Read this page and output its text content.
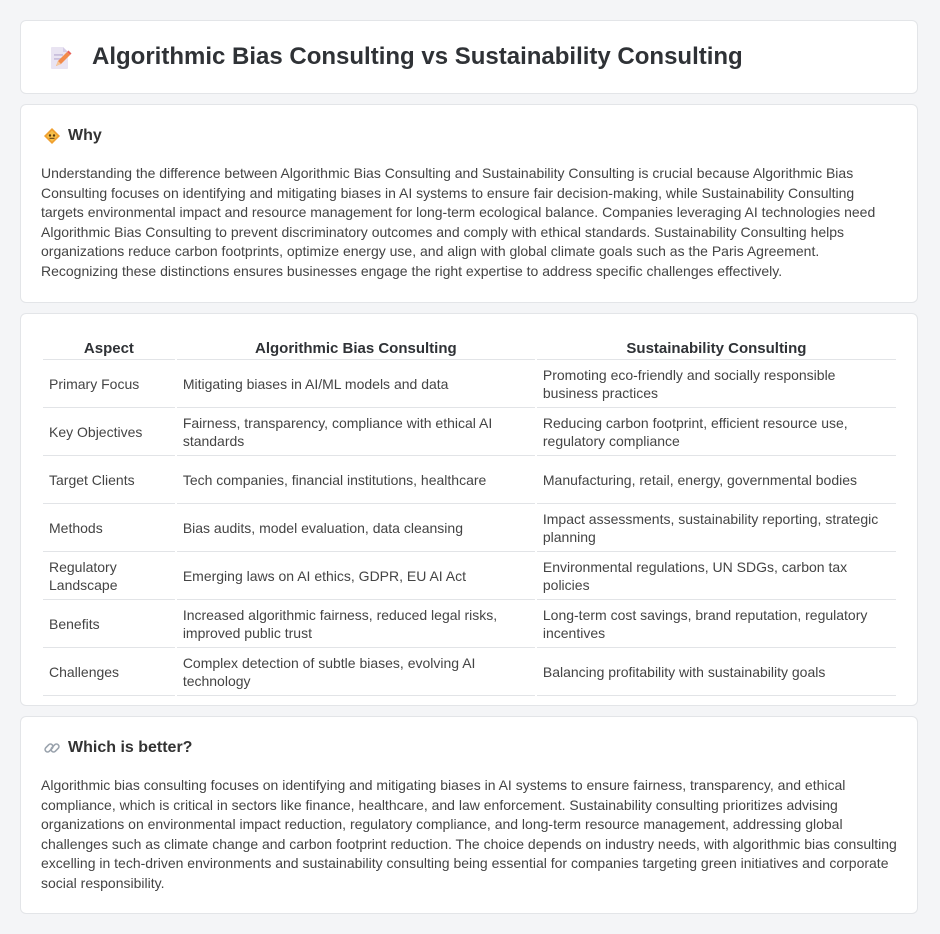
Algorithmic Bias Consulting vs Sustainability Consulting
Why

Understanding the difference between Algorithmic Bias Consulting and Sustainability Consulting is crucial because Algorithmic Bias Consulting focuses on identifying and mitigating biases in AI systems to ensure fair decision-making, while Sustainability Consulting targets environmental impact and resource management for long-term ecological balance. Companies leveraging AI technologies need Algorithmic Bias Consulting to prevent discriminatory outcomes and comply with ethical standards. Sustainability Consulting helps organizations reduce carbon footprints, optimize energy use, and align with global climate goals such as the Paris Agreement. Recognizing these distinctions ensures businesses engage the right expertise to address specific challenges effectively.

Aspect	Algorithmic Bias Consulting	Sustainability Consulting
Primary Focus	Mitigating biases in AI/ML models and data	Promoting eco-friendly and socially responsible business practices
Key Objectives	Fairness, transparency, compliance with ethical AI standards	Reducing carbon footprint, efficient resource use, regulatory compliance
Target Clients	Tech companies, financial institutions, healthcare	Manufacturing, retail, energy, governmental bodies
Methods	Bias audits, model evaluation, data cleansing	Impact assessments, sustainability reporting, strategic planning
Regulatory Landscape	Emerging laws on AI ethics, GDPR, EU AI Act	Environmental regulations, UN SDGs, carbon tax policies
Benefits	Increased algorithmic fairness, reduced legal risks, improved public trust	Long-term cost savings, brand reputation, regulatory incentives
Challenges	Complex detection of subtle biases, evolving AI technology	Balancing profitability with sustainability goals
Which is better?

Algorithmic bias consulting focuses on identifying and mitigating biases in AI systems to ensure fairness, transparency, and ethical compliance, which is critical in sectors like finance, healthcare, and law enforcement. Sustainability consulting prioritizes advising organizations on environmental impact reduction, regulatory compliance, and long-term resource management, addressing global challenges such as climate change and carbon footprint reduction. The choice depends on industry needs, with algorithmic bias consulting excelling in tech-driven environments and sustainability consulting being essential for companies targeting green initiatives and corporate social responsibility.
